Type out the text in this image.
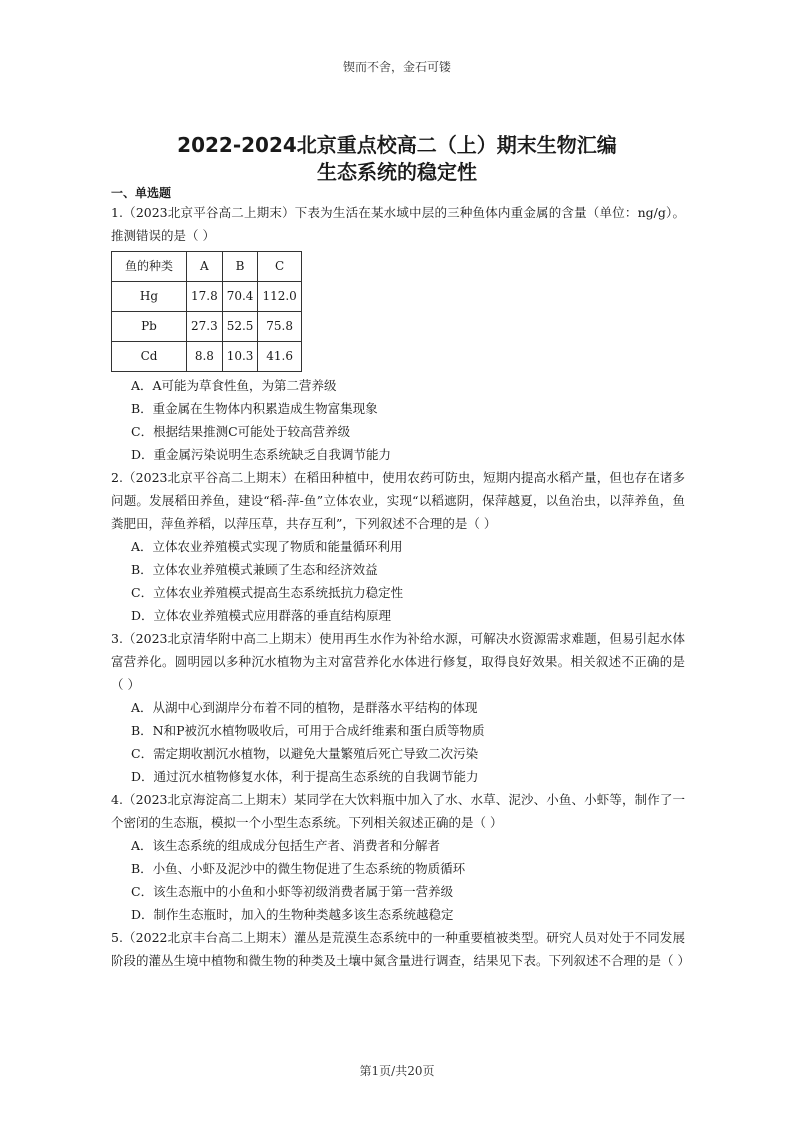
锲而不舍，金石可镂
2022-2024北京重点校高二（上）期末生物汇编
生态系统的稳定性
一、单选题
1.（2023北京平谷高二上期末）下表为生活在某水域中层的三种鱼体内重金属的含量（单位：ng/g）。推测错误的是（ ）
鱼的种类	A	B	C
Hg	17.8	70.4	112.0
Pb	27.3	52.5	75.8
Cd	8.8	10.3	41.6
A．A可能为草食性鱼，为第二营养级
B．重金属在生物体内积累造成生物富集现象
C．根据结果推测C可能处于较高营养级
D．重金属污染说明生态系统缺乏自我调节能力
2.（2023北京平谷高二上期末）在稻田种植中，使用农药可防虫，短期内提高水稻产量，但也存在诸多问题。发展稻田养鱼，建设“稻-萍-鱼”立体农业，实现“以稻遮阴，保萍越夏，以鱼治虫，以萍养鱼，鱼粪肥田，萍鱼养稻，以萍压草，共存互利”，下列叙述不合理的是（ ）
A．立体农业养殖模式实现了物质和能量循环利用
B．立体农业养殖模式兼顾了生态和经济效益
C．立体农业养殖模式提高生态系统抵抗力稳定性
D．立体农业养殖模式应用群落的垂直结构原理
3.（2023北京清华附中高二上期末）使用再生水作为补给水源，可解决水资源需求难题，但易引起水体富营养化。圆明园以多种沉水植物为主对富营养化水体进行修复，取得良好效果。相关叙述不正确的是（ ）
A．从湖中心到湖岸分布着不同的植物，是群落水平结构的体现
B．N和P被沉水植物吸收后，可用于合成纤维素和蛋白质等物质
C．需定期收割沉水植物，以避免大量繁殖后死亡导致二次污染
D．通过沉水植物修复水体，利于提高生态系统的自我调节能力
4.（2023北京海淀高二上期末）某同学在大饮料瓶中加入了水、水草、泥沙、小鱼、小虾等，制作了一个密闭的生态瓶，模拟一个小型生态系统。下列相关叙述正确的是（ ）
A．该生态系统的组成成分包括生产者、消费者和分解者
B．小鱼、小虾及泥沙中的微生物促进了生态系统的物质循环
C．该生态瓶中的小鱼和小虾等初级消费者属于第一营养级
D．制作生态瓶时，加入的生物种类越多该生态系统越稳定
5.（2022北京丰台高二上期末）灌丛是荒漠生态系统中的一种重要植被类型。研究人员对处于不同发展阶段的灌丛生境中植物和微生物的种类及土壤中氮含量进行调查，结果见下表。下列叙述不合理的是（ ）
第1页/共20页
